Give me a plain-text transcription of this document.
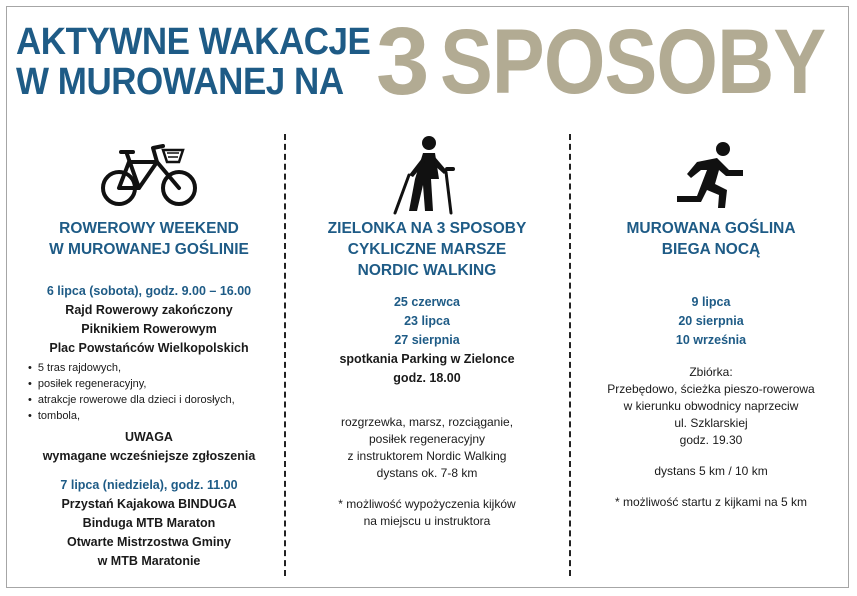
AKTYWNE WAKACJE
W MUROWANEJ NA 3 SPOSOBY
ROWEROWY WEEKEND
W MUROWANEJ GOŚLINIE
6 lipca (sobota), godz. 9.00 – 16.00
Rajd Rowerowy zakończony
Piknikiem Rowerowym
Plac Powstańców Wielkopolskich
• 5 tras rajdowych,
• posiłek regeneracyjny,
• atrakcje rowerowe dla dzieci i dorosłych,
• tombola,
UWAGA
wymagane wcześniejsze zgłoszenia
7 lipca (niedziela), godz. 11.00
Przystań Kajakowa BINDUGA
Binduga MTB Maraton
Otwarte Mistrzostwa Gminy
w MTB Maratonie
ZIELONKA NA 3 SPOSOBY
CYKLICZNE MARSZE
NORDIC WALKING
25 czerwca
23 lipca
27 sierpnia
spotkania Parking w Zielonce
godz. 18.00
rozgrzewka, marsz, rozciąganie,
posiłek regeneracyjny
z instruktorem Nordic Walking
dystans ok. 7-8 km
* możliwość wypożyczenia kijków
na miejscu u instruktora
MUROWANA GOŚLINA
BIEGA NOCĄ
9 lipca
20 sierpnia
10 września
Zbiórka:
Przebędowo, ścieżka pieszo-rowerowa
w kierunku obwodnicy naprzeciw
ul. Szklarskiej
godz. 19.30
dystans 5 km / 10 km
* możliwość startu z kijkami na 5 km
